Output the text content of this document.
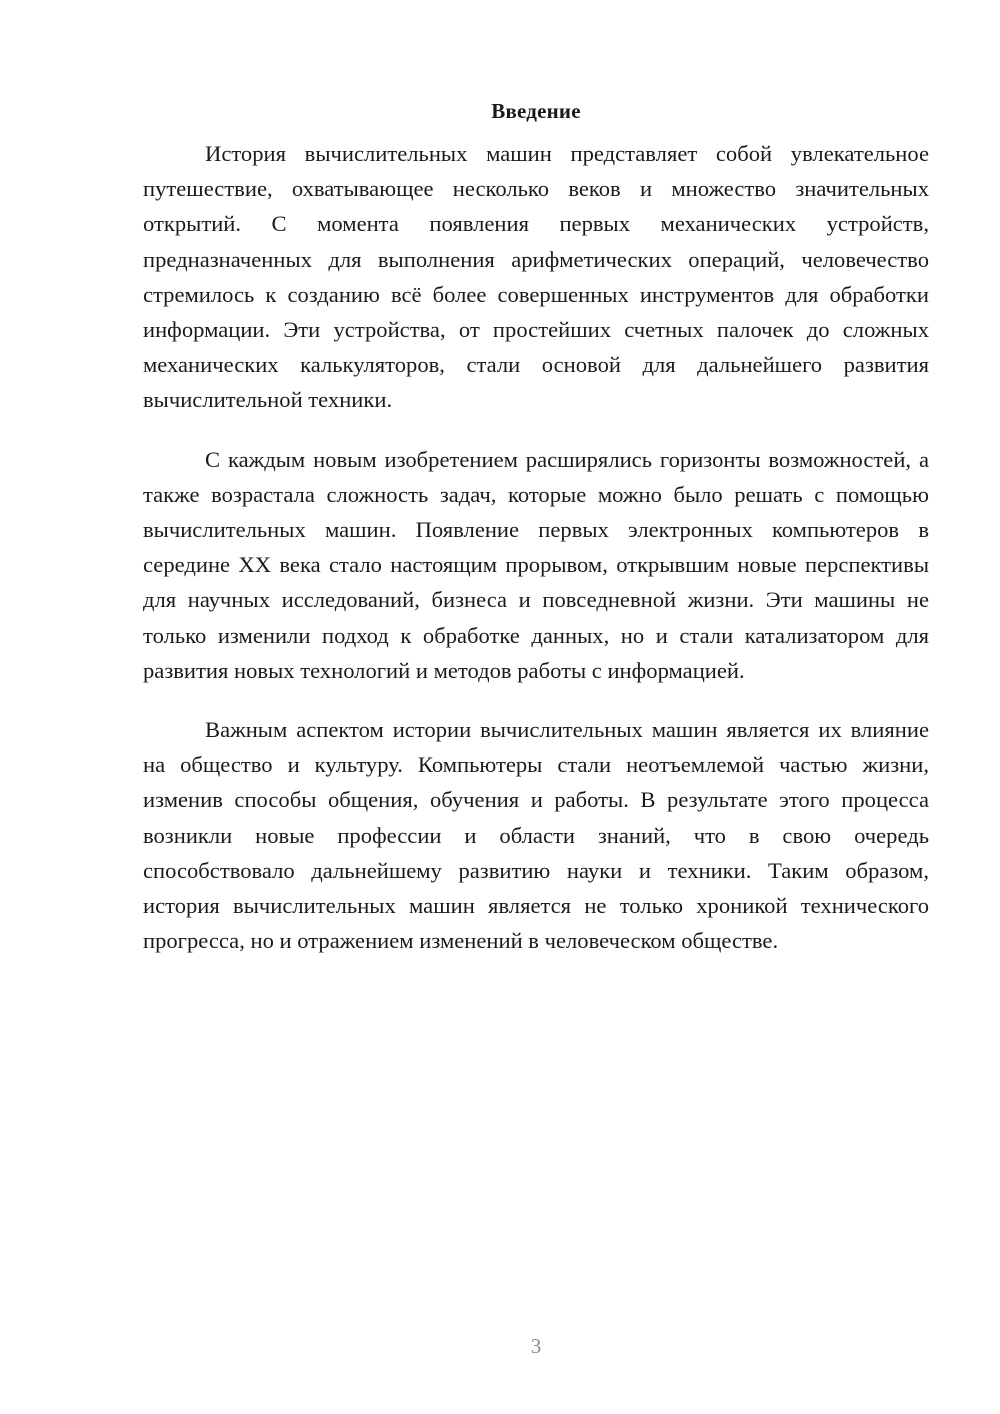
Введение

История вычислительных машин представляет собой увлекательное путешествие, охватывающее несколько веков и множество значительных открытий. С момента появления первых механических устройств, предназначенных для выполнения арифметических операций, человечество стремилось к созданию всё более совершенных инструментов для обработки информации. Эти устройства, от простейших счетных палочек до сложных механических калькуляторов, стали основой для дальнейшего развития вычислительной техники.

С каждым новым изобретением расширялись горизонты возможностей, а также возрастала сложность задач, которые можно было решать с помощью вычислительных машин. Появление первых электронных компьютеров в середине XX века стало настоящим прорывом, открывшим новые перспективы для научных исследований, бизнеса и повседневной жизни. Эти машины не только изменили подход к обработке данных, но и стали катализатором для развития новых технологий и методов работы с информацией.

Важным аспектом истории вычислительных машин является их влияние на общество и культуру. Компьютеры стали неотъемлемой частью жизни, изменив способы общения, обучения и работы. В результате этого процесса возникли новые профессии и области знаний, что в свою очередь способствовало дальнейшему развитию науки и техники. Таким образом, история вычислительных машин является не только хроникой технического прогресса, но и отражением изменений в человеческом обществе.

3
